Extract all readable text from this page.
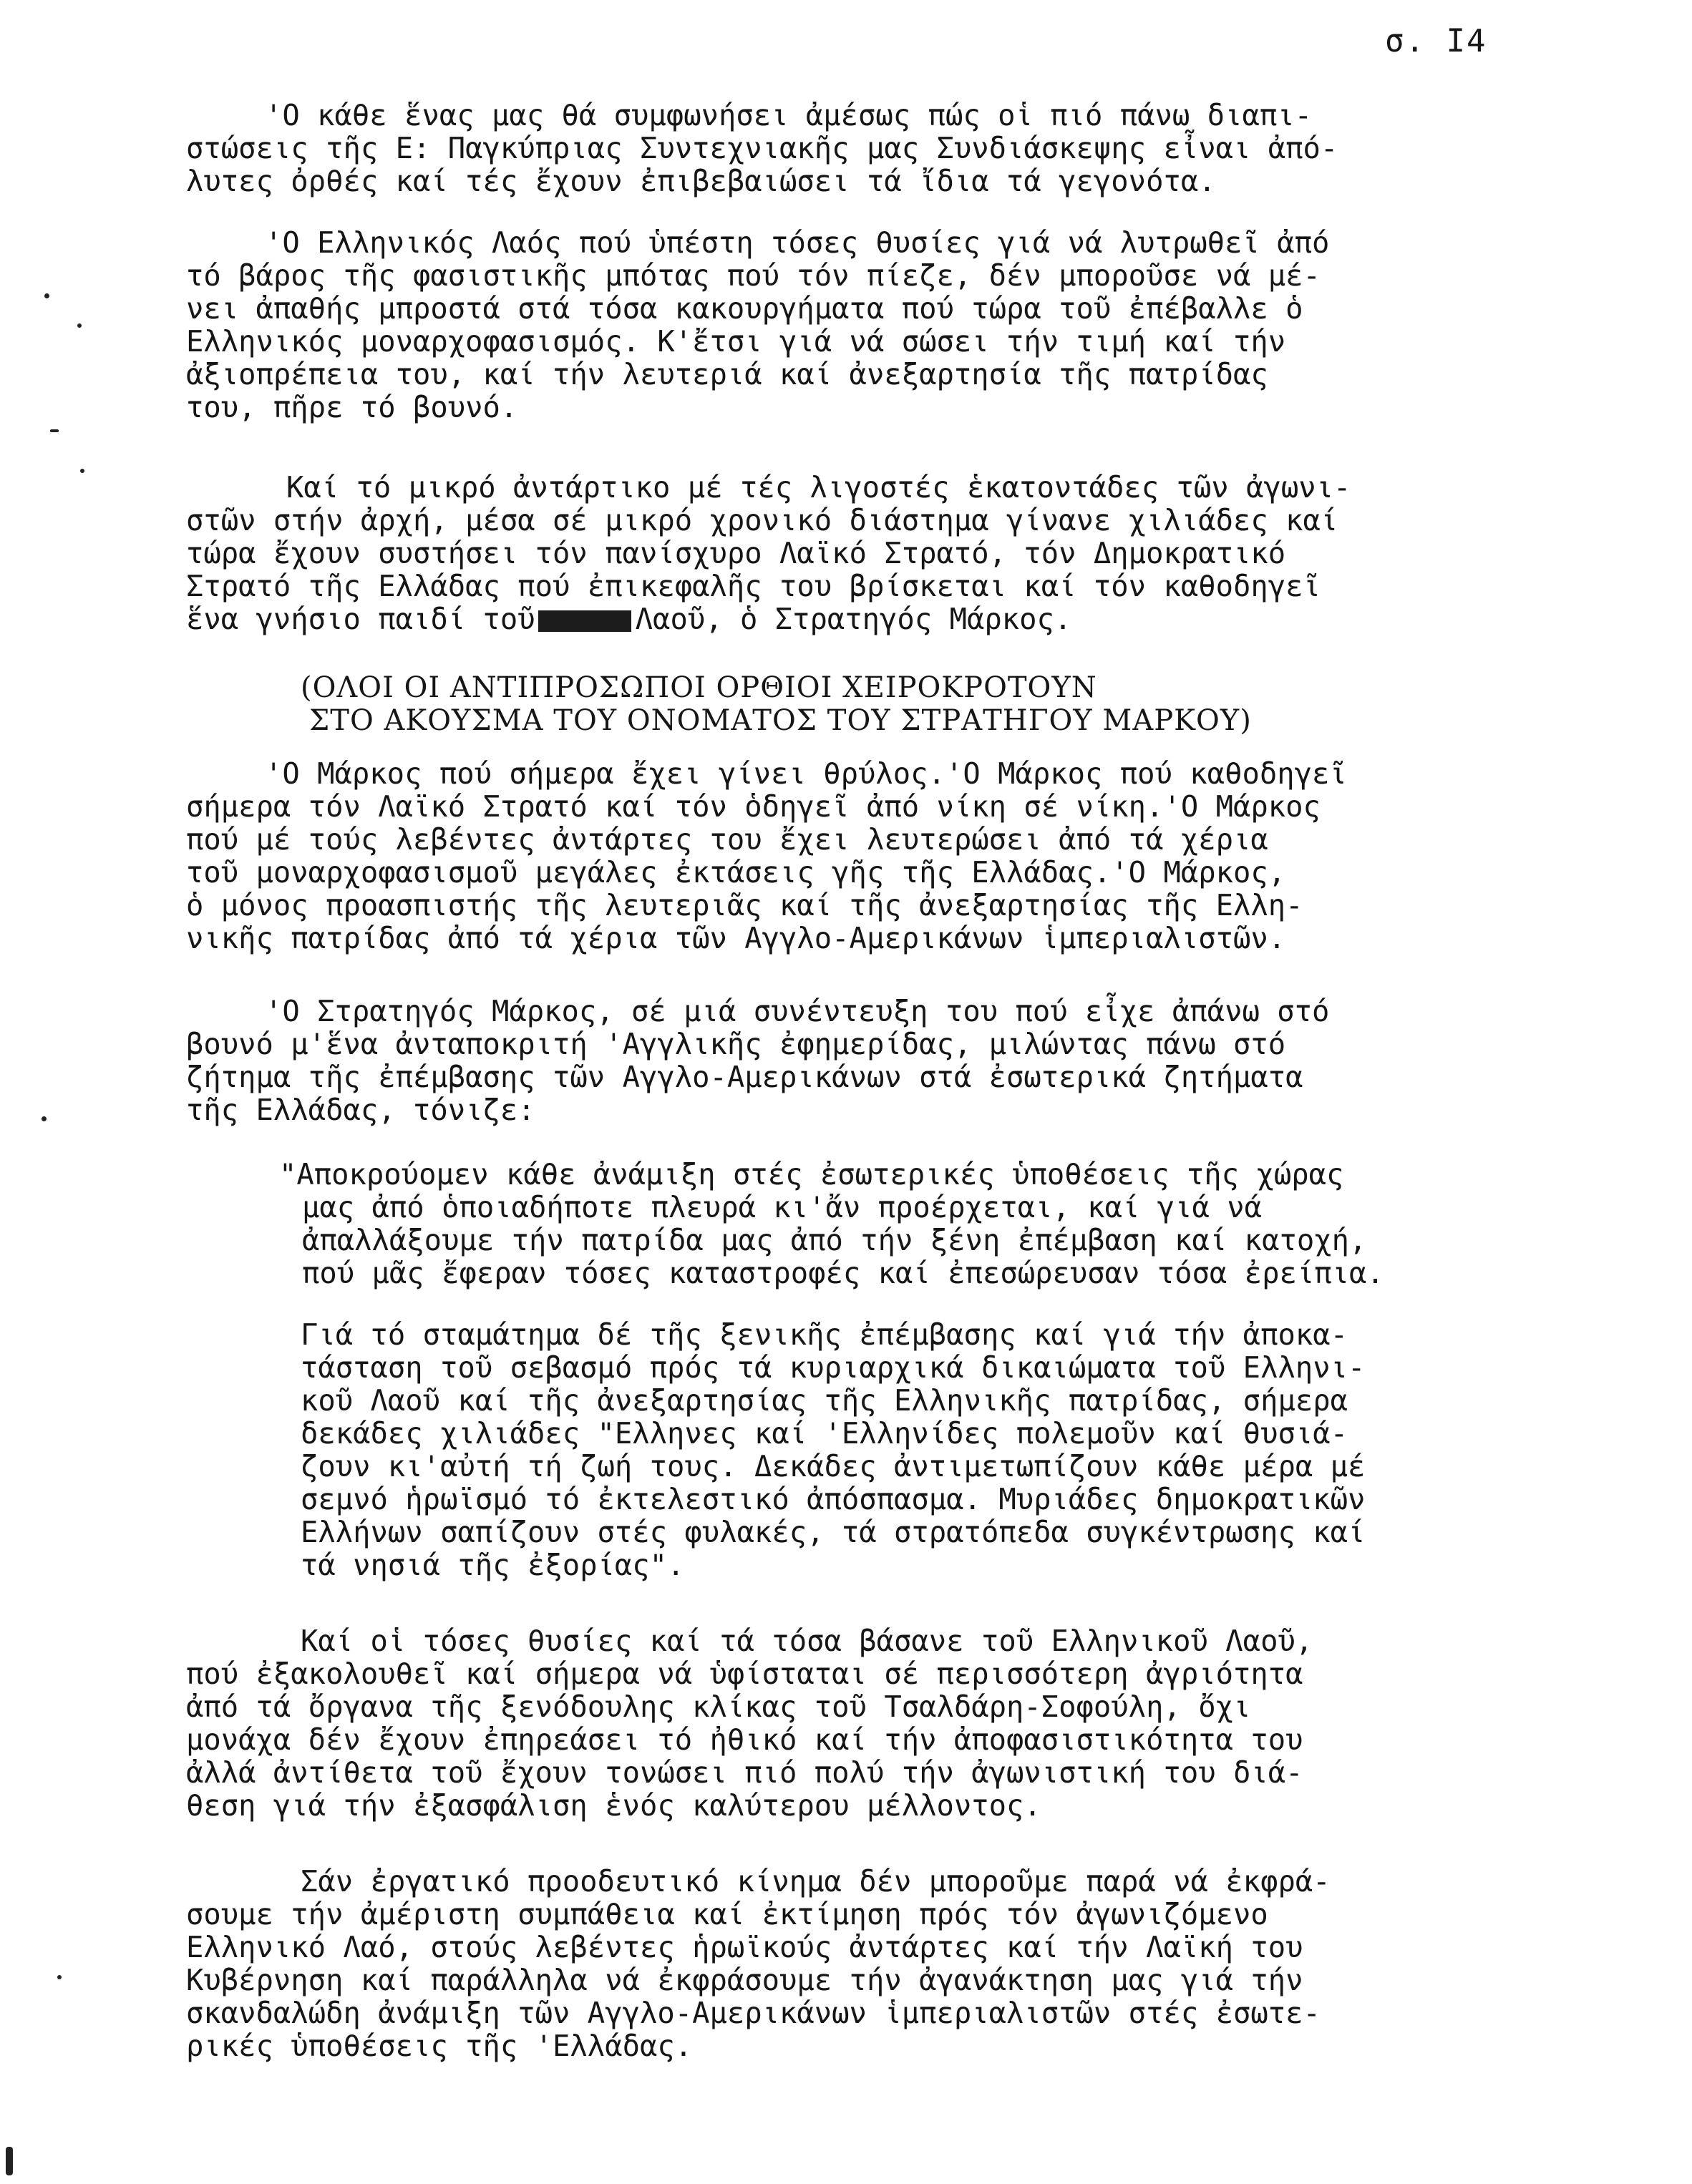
σ. Ι4
'Ο κάθε ἕνας μας θά συμφωνήσει ἀμέσως πώς οἱ πιό πάνω διαπι-
στώσεις τῆς Ε: Παγκύπριας Συντεχνιακῆς μας Συνδιάσκεψης εἶναι ἀπό-
λυτες ὀρθές καί τές ἔχουν ἐπιβεβαιώσει τά ἴδια τά γεγονότα.
'Ο Ελληνικός Λαός πού ὑπέστη τόσες θυσίες γιά νά λυτρωθεῖ ἀπό
τό βάρος τῆς φασιστικῆς μπότας πού τόν πίεζε, δέν μποροῦσε νά μέ-
νει ἀπαθής μπροστά στά τόσα κακουργήματα πού τώρα τοῦ ἐπέβαλλε ὁ
Ελληνικός μοναρχοφασισμός. Κ'ἔτσι γιά νά σώσει τήν τιμή καί τήν
ἀξιοπρέπεια του, καί τήν λευτεριά καί ἀνεξαρτησία τῆς πατρίδας
του, πῆρε τό βουνό.
Καί τό μικρό ἀντάρτικο μέ τές λιγοστές ἑκατοντάδες τῶν ἀγωνι-
στῶν στήν ἀρχή, μέσα σέ μικρό χρονικό διάστημα γίνανε χιλιάδες καί
τώρα ἔχουν συστήσει τόν πανίσχυρο Λαϊκό Στρατό, τόν Δημοκρατικό
Στρατό τῆς Ελλάδας πού ἐπικεφαλῆς του βρίσκεται καί τόν καθοδηγεῖ
ἕνα γνήσιο παιδί τοῦ	Λαοῦ, ὁ Στρατηγός Μάρκος.
(ΟΛΟΙ ΟΙ ΑΝΤΙΠΡΟΣΩΠΟΙ ΟΡΘΙΟΙ ΧΕΙΡΟΚΡΟΤΟΥΝ
ΣΤΟ ΑΚΟΥΣΜΑ ΤΟΥ ΟΝΟΜΑΤΟΣ ΤΟΥ ΣΤΡΑΤΗΓΟΥ ΜΑΡΚΟΥ)
'Ο Μάρκος πού σήμερα ἔχει γίνει θρύλος.'Ο Μάρκος πού καθοδηγεῖ
σήμερα τόν Λαϊκό Στρατό καί τόν ὁδηγεῖ ἀπό νίκη σέ νίκη.'Ο Μάρκος
πού μέ τούς λεβέντες ἀντάρτες του ἔχει λευτερώσει ἀπό τά χέρια
τοῦ μοναρχοφασισμοῦ μεγάλες ἐκτάσεις γῆς τῆς Ελλάδας.'Ο Μάρκος,
ὁ μόνος προασπιστής τῆς λευτεριᾶς καί τῆς ἀνεξαρτησίας τῆς Ελλη-
νικῆς πατρίδας ἀπό τά χέρια τῶν Αγγλο-Αμερικάνων ἱμπεριαλιστῶν.
'Ο Στρατηγός Μάρκος, σέ μιά συνέντευξη του πού εἶχε ἀπάνω στό
βουνό μ'ἕνα ἀνταποκριτή 'Αγγλικῆς ἐφημερίδας, μιλώντας πάνω στό
ζήτημα τῆς ἐπέμβασης τῶν Αγγλο-Αμερικάνων στά ἐσωτερικά ζητήματα
τῆς Ελλάδας, τόνιζε:
"Αποκρούομεν κάθε ἀνάμιξη στές ἐσωτερικές ὑποθέσεις τῆς χώρας
μας ἀπό ὁποιαδήποτε πλευρά κι'ἄν προέρχεται, καί γιά νά
ἀπαλλάξουμε τήν πατρίδα μας ἀπό τήν ξένη ἐπέμβαση καί κατοχή,
πού μᾶς ἔφεραν τόσες καταστροφές καί ἐπεσώρευσαν τόσα ἐρείπια.
Γιά τό σταμάτημα δέ τῆς ξενικῆς ἐπέμβασης καί γιά τήν ἀποκα-
τάσταση τοῦ σεβασμό πρός τά κυριαρχικά δικαιώματα τοῦ Ελληνι-
κοῦ Λαοῦ καί τῆς ἀνεξαρτησίας τῆς Ελληνικῆς πατρίδας, σήμερα
δεκάδες χιλιάδες "Ελληνες καί 'Ελληνίδες πολεμοῦν καί θυσιά-
ζουν κι'αὐτή τή ζωή τους. Δεκάδες ἀντιμετωπίζουν κάθε μέρα μέ
σεμνό ἡρωϊσμό τό ἐκτελεστικό ἀπόσπασμα. Μυριάδες δημοκρατικῶν
Ελλήνων σαπίζουν στές φυλακές, τά στρατόπεδα συγκέντρωσης καί
τά νησιά τῆς ἐξορίας".
Καί οἱ τόσες θυσίες καί τά τόσα βάσανε τοῦ Ελληνικοῦ Λαοῦ,
πού ἐξακολουθεῖ καί σήμερα νά ὑφίσταται σέ περισσότερη ἀγριότητα
ἀπό τά ὄργανα τῆς ξενόδουλης κλίκας τοῦ Τσαλδάρη-Σοφούλη, ὄχι
μονάχα δέν ἔχουν ἐπηρεάσει τό ἠθικό καί τήν ἀποφασιστικότητα του
ἀλλά ἀντίθετα τοῦ ἔχουν τονώσει πιό πολύ τήν ἀγωνιστική του διά-
θεση γιά τήν ἐξασφάλιση ἑνός καλύτερου μέλλοντος.
Σάν ἐργατικό προοδευτικό κίνημα δέν μποροῦμε παρά νά ἐκφρά-
σουμε τήν ἀμέριστη συμπάθεια καί ἐκτίμηση πρός τόν ἀγωνιζόμενο
Ελληνικό Λαό, στούς λεβέντες ἡρωϊκούς ἀντάρτες καί τήν Λαϊκή του
Κυβέρνηση καί παράλληλα νά ἐκφράσουμε τήν ἀγανάκτηση μας γιά τήν
σκανδαλώδη ἀνάμιξη τῶν Αγγλο-Αμερικάνων ἱμπεριαλιστῶν στές ἐσωτε-
ρικές ὑποθέσεις τῆς 'Ελλάδας.
